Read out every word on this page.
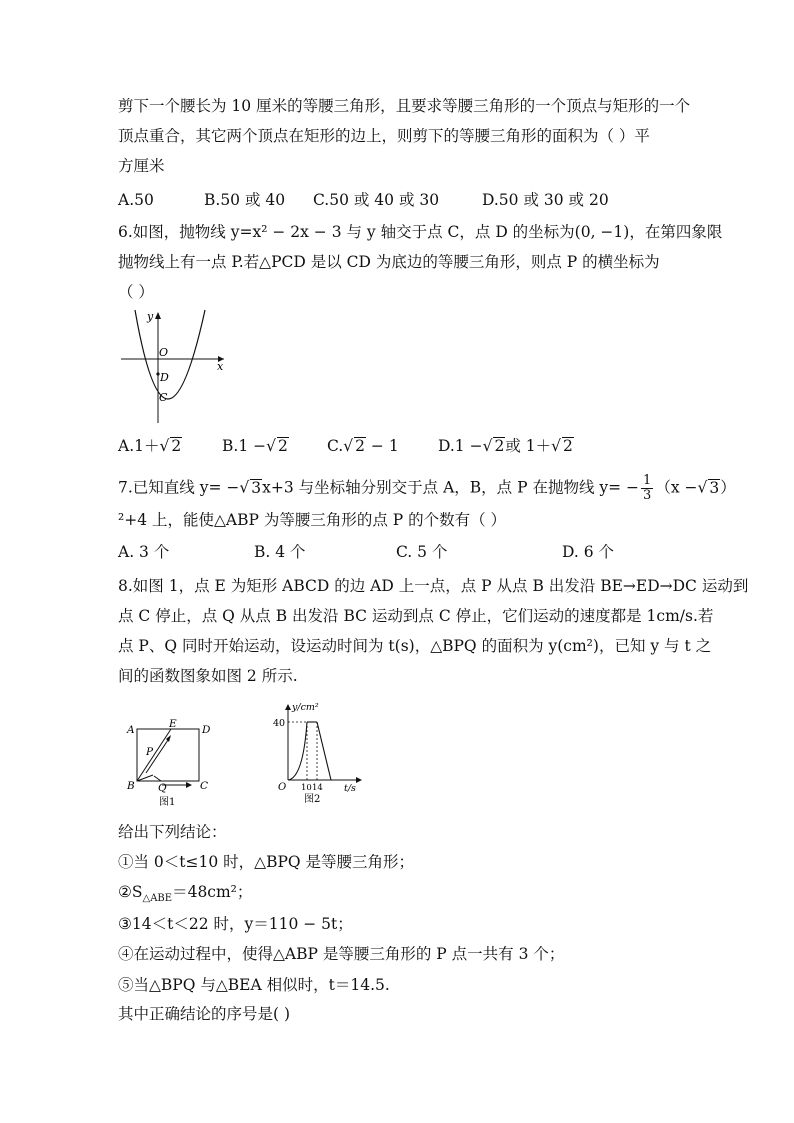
剪下一个腰长为 10 厘米的等腰三角形，且要求等腰三角形的一个顶点与矩形的一个
顶点重合，其它两个顶点在矩形的边上，则剪下的等腰三角形的面积为（ ）平
方厘米
A.50	B.50 或 40 C.50 或 40 或 30	D.50 或 30 或 20
6.如图，抛物线 y=x² − 2x − 3 与 y 轴交于点 C，点 D 的坐标为(0, −1)，在第四象限
抛物线上有一点 P.若△PCD 是以 CD 为底边的等腰三角形，则点 P 的横坐标为
（ ）
y
x
O
D
C
A.1＋√ 2	B.1 −√ 2	C.√ 2 − 1	D.1 −√ 2或 1＋√ 2
7.已知直线 y= −√ 3x+3 与坐标轴分别交于点 A，B，点 P 在抛物线 $y= - \frac{1}{3} (x$ −√ 3）
²+4 上，能使△ABP 为等腰三角形的点 P 的个数有（ ）
A. 3 个	B. 4 个	C. 5 个	D. 6 个
8.如图 1，点 E 为矩形 ABCD 的边 AD 上一点，点 P 从点 B 出发沿 BE→ED→DC 运动到
点 C 停止，点 Q 从点 B 出发沿 BC 运动到点 C 停止，它们运动的速度都是 1cm/s.若
点 P、Q 同时开始运动，设运动时间为 t(s)，△BPQ 的面积为 y(cm²)，已知 y 与 t 之
间的函数图象如图 2 所示.
A	E D
P
B Q	C
图1
y/cm²
40
O 10 14 t/s
图2
给出下列结论：
①当 0＜t≤10 时，△BPQ 是等腰三角形；
$②S_{\triangle ABE}=48cm^2$；
③14＜t＜22 时，y＝110 − 5t；
④在运动过程中，使得△ABP 是等腰三角形的 P 点一共有 3 个；
⑤当△BPQ 与△BEA 相似时，t＝14.5.
其中正确结论的序号是( )
